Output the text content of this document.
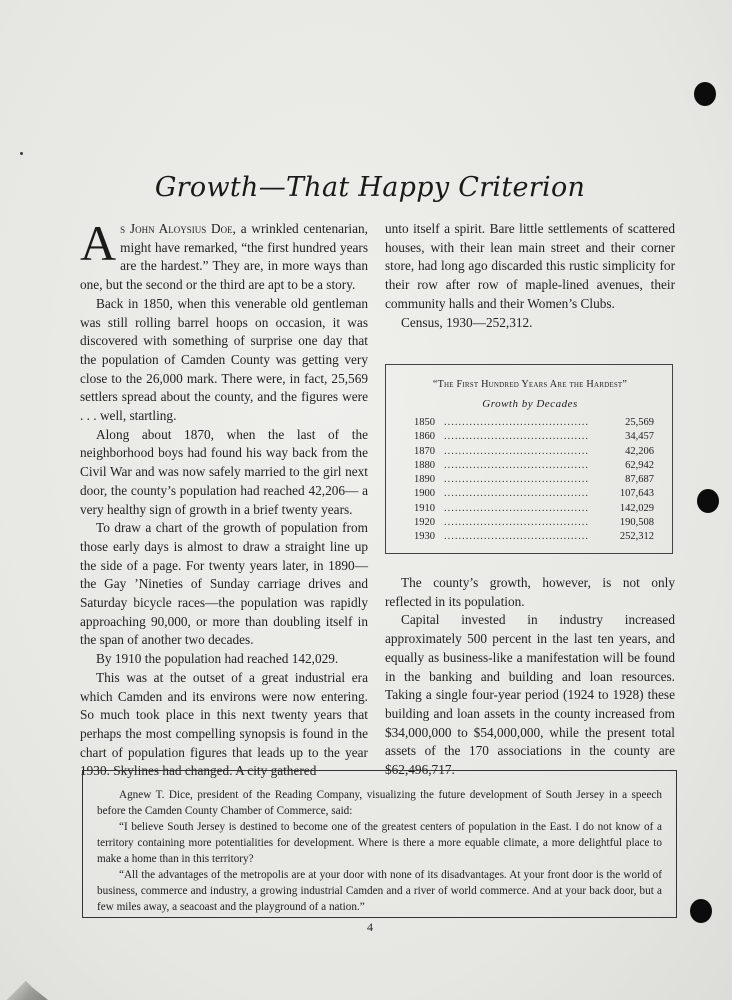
Growth—That Happy Criterion

As John Aloysius Doe, a wrinkled centenarian, might have remarked, “the first hundred years are the hardest.” They are, in more ways than one, but the second or the third are apt to be a story.

Back in 1850, when this venerable old gentleman was still rolling barrel hoops on occasion, it was discovered with something of surprise one day that the population of Camden County was getting very close to the 26,000 mark. There were, in fact, 25,569 settlers spread about the county, and the figures were . . . well, startling.

Along about 1870, when the last of the neighborhood boys had found his way back from the Civil War and was now safely married to the girl next door, the county’s population had reached 42,206— a very healthy sign of growth in a brief twenty years.

To draw a chart of the growth of population from those early days is almost to draw a straight line up the side of a page. For twenty years later, in 1890—the Gay ’Nineties of Sunday carriage drives and Saturday bicycle races—the population was rapidly approaching 90,000, or more than doubling itself in the span of another two decades.

By 1910 the population had reached 142,029.

This was at the outset of a great industrial era which Camden and its environs were now entering. So much took place in this next twenty years that perhaps the most compelling synopsis is found in the chart of population figures that leads up to the year 1930. Skylines had changed. A city gathered

unto itself a spirit. Bare little settlements of scattered houses, with their lean main street and their corner store, had long ago discarded this rustic simplicity for their row after row of maple-lined avenues, their community halls and their Women’s Clubs.

Census, 1930—252,312.

“The First Hundred Years Are the Hardest”
Growth by Decades
1850 ........................................	25,569
1860 ........................................	34,457
1870 ........................................	42,206
1880 ........................................	62,942
1890 ........................................	87,687
1900 ........................................	107,643
1910 ........................................	142,029
1920 ........................................	190,508
1930 ........................................	252,312

The county’s growth, however, is not only reflected in its population.

Capital invested in industry increased approximately 500 percent in the last ten years, and equally as business-like a manifestation will be found in the banking and building and loan resources. Taking a single four-year period (1924 to 1928) these building and loan assets in the county increased from $34,000,000 to $54,000,000, while the present total assets of the 170 associations in the county are $62,496,717.

Agnew T. Dice, president of the Reading Company, visualizing the future development of South Jersey in a speech before the Camden County Chamber of Commerce, said:

“I believe South Jersey is destined to become one of the greatest centers of population in the East. I do not know of a territory containing more potentialities for development. Where is there a more equable climate, a more delightful place to make a home than in this territory?

“All the advantages of the metropolis are at your door with none of its disadvantages. At your front door is the world of business, commerce and industry, a growing industrial Camden and a river of world commerce. And at your back door, but a few miles away, a seacoast and the playground of a nation.”

4
